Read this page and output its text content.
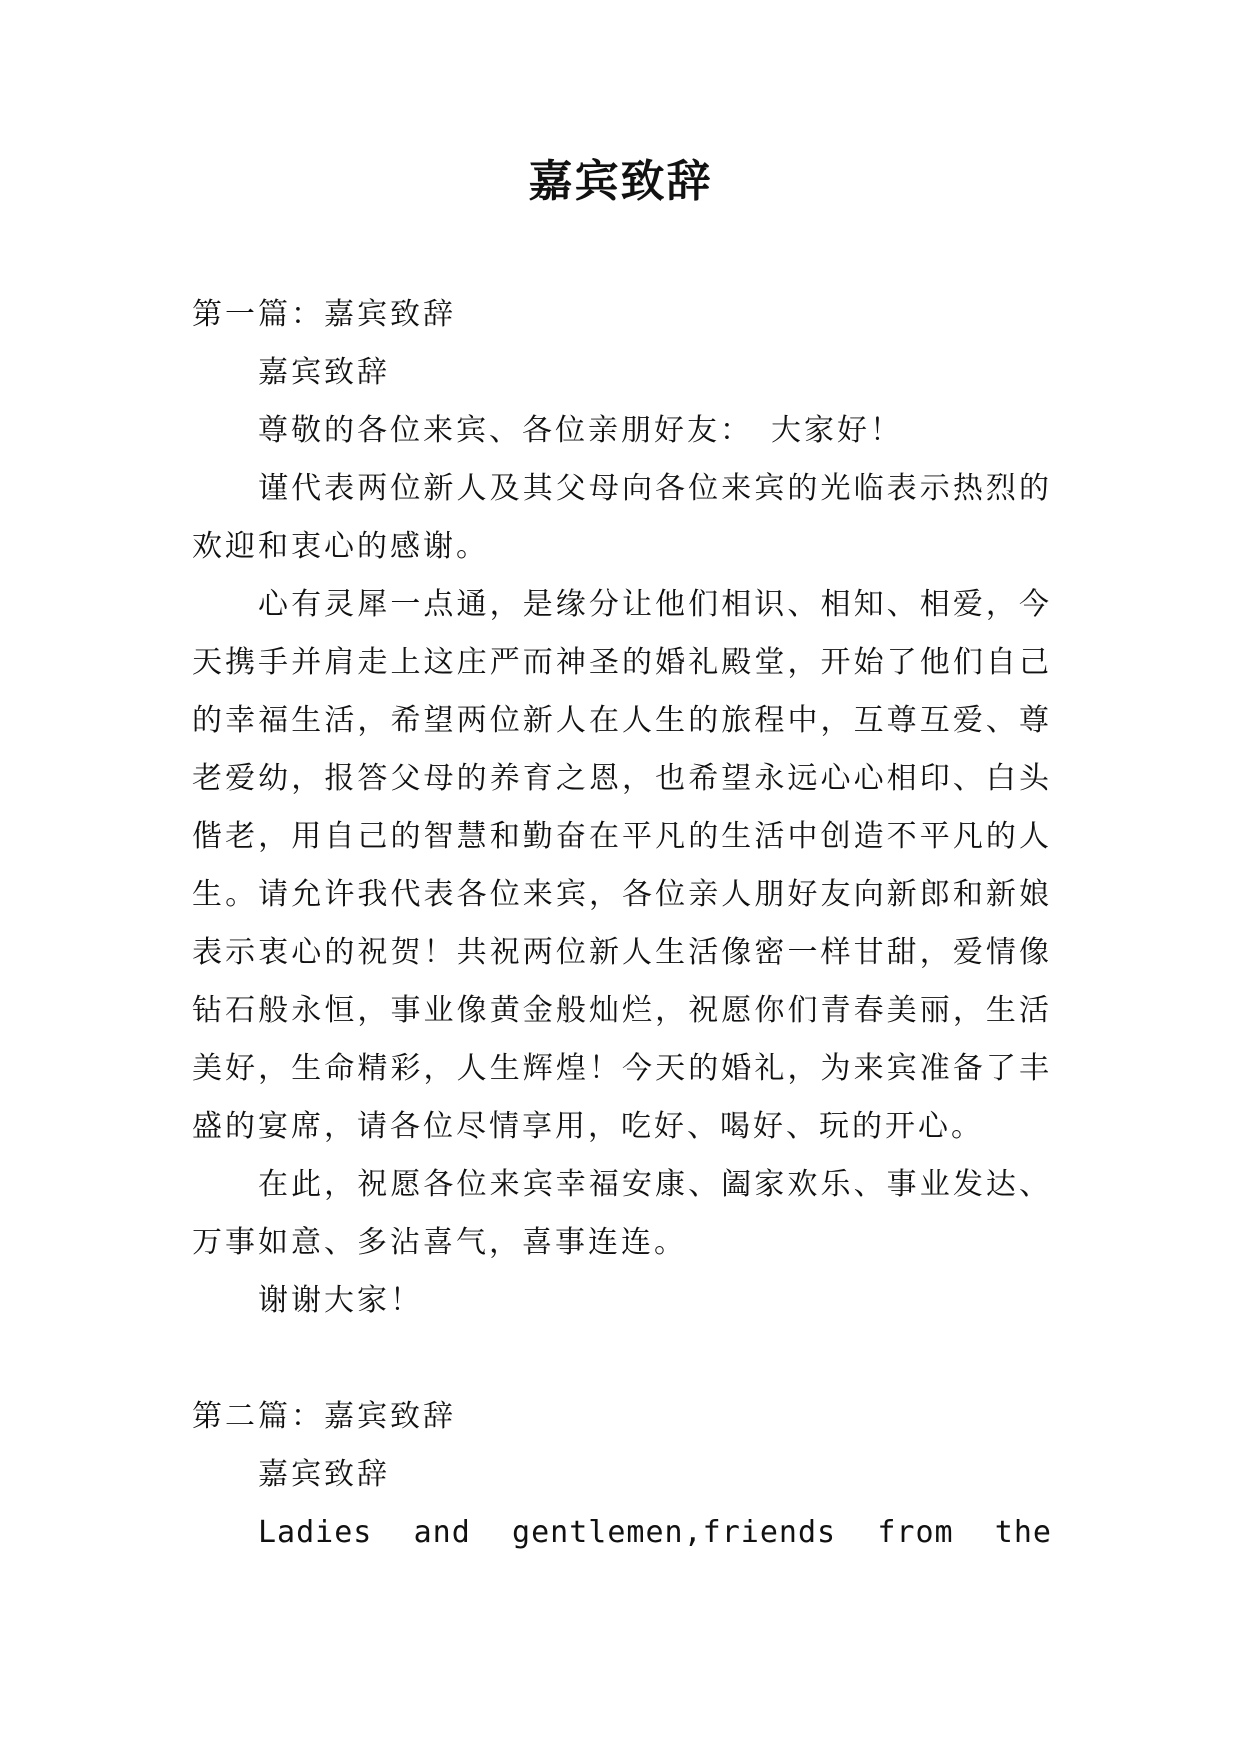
嘉宾致辞

第一篇：嘉宾致辞

嘉宾致辞

尊敬的各位来宾、各位亲朋好友：　大家好！

谨代表两位新人及其父母向各位来宾的光临表示热烈的欢迎和衷心的感谢。

心有灵犀一点通，是缘分让他们相识、相知、相爱，今天携手并肩走上这庄严而神圣的婚礼殿堂，开始了他们自己的幸福生活，希望两位新人在人生的旅程中，互尊互爱、尊老爱幼，报答父母的养育之恩，也希望永远心心相印、白头偕老，用自己的智慧和勤奋在平凡的生活中创造不平凡的人生。请允许我代表各位来宾，各位亲人朋好友向新郎和新娘表示衷心的祝贺！共祝两位新人生活像密一样甘甜，爱情像钻石般永恒，事业像黄金般灿烂，祝愿你们青春美丽，生活美好，生命精彩，人生辉煌！今天的婚礼，为来宾准备了丰盛的宴席，请各位尽情享用，吃好、喝好、玩的开心。

在此，祝愿各位来宾幸福安康、阖家欢乐、事业发达、万事如意、多沾喜气，喜事连连。

谢谢大家！

第二篇：嘉宾致辞

嘉宾致辞

Ladies and gentlemen,friends from the
